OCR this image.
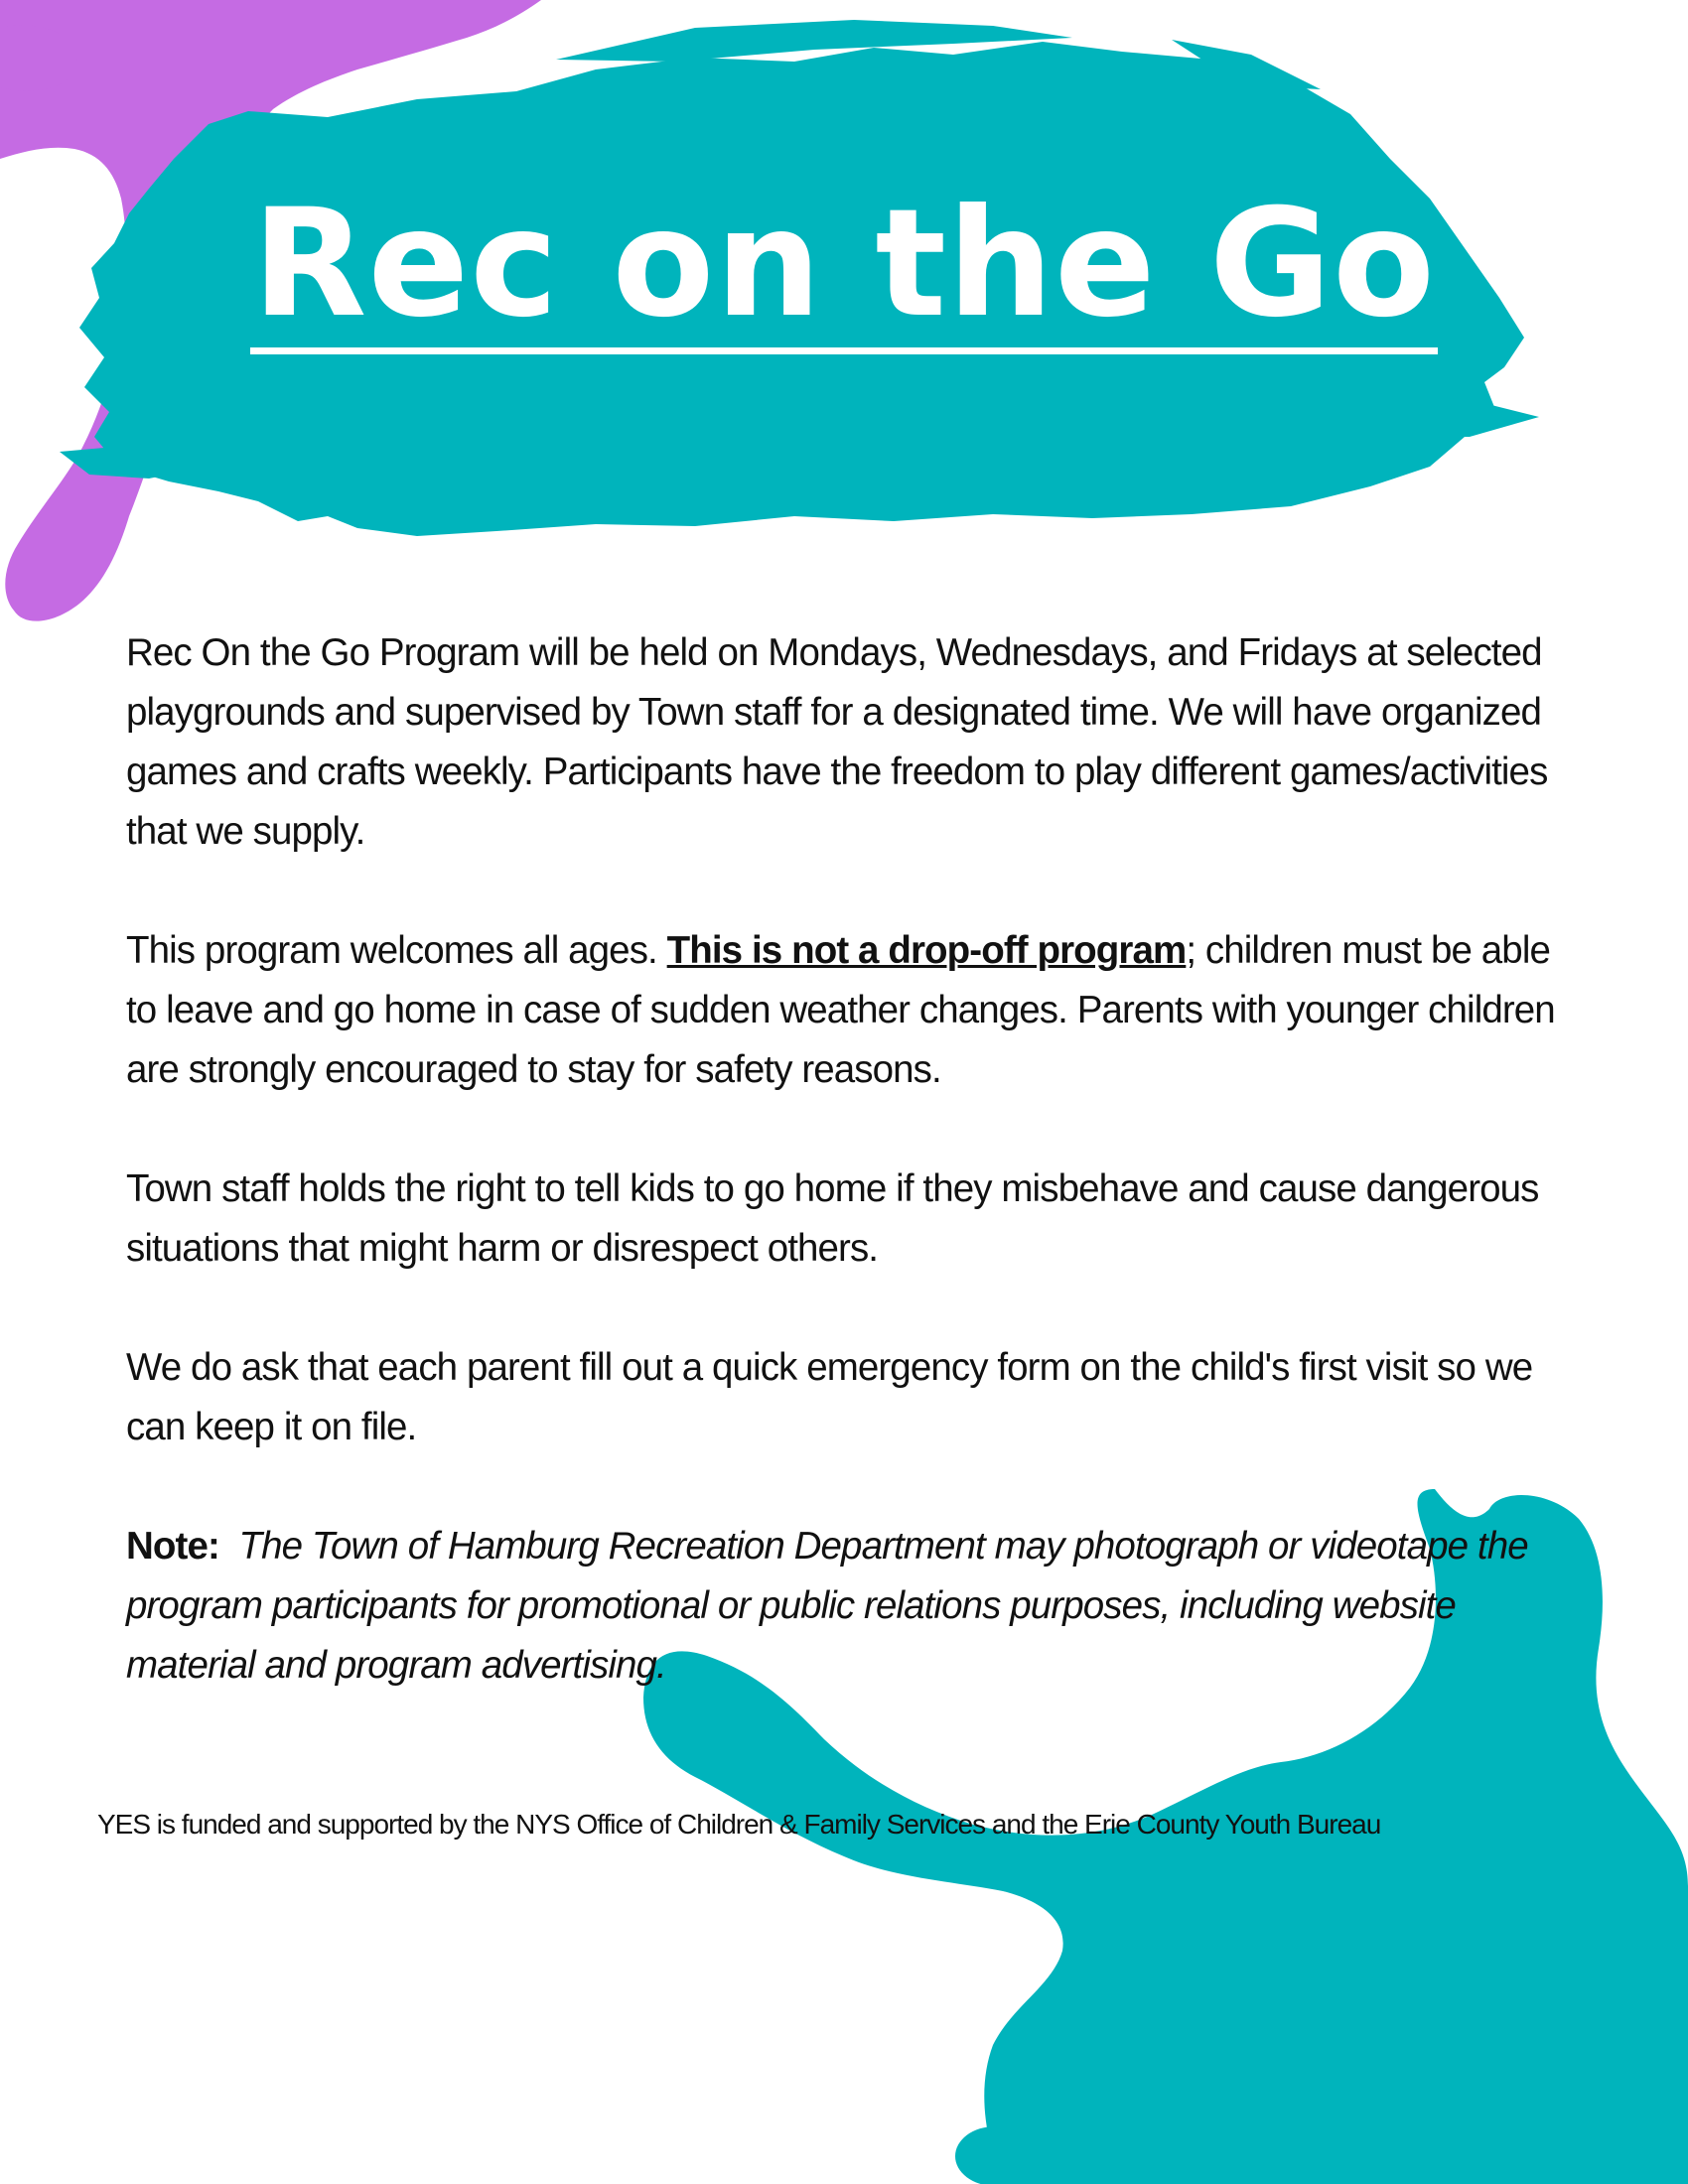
Rec on the Go

Rec On the Go Program will be held on Mondays, Wednesdays, and Fridays at selected playgrounds and supervised by Town staff for a designated time. We will have organized games and crafts weekly. Participants have the freedom to play different games/activities that we supply.

This program welcomes all ages. This is not a drop-off program; children must be able to leave and go home in case of sudden weather changes. Parents with younger children are strongly encouraged to stay for safety reasons.

Town staff holds the right to tell kids to go home if they misbehave and cause dangerous situations that might harm or disrespect others.

We do ask that each parent fill out a quick emergency form on the child's first visit so we can keep it on file.

Note: The Town of Hamburg Recreation Department may photograph or videotape the program participants for promotional or public relations purposes, including website material and program advertising.

YES is funded and supported by the NYS Office of Children & Family Services and the Erie County Youth Bureau
